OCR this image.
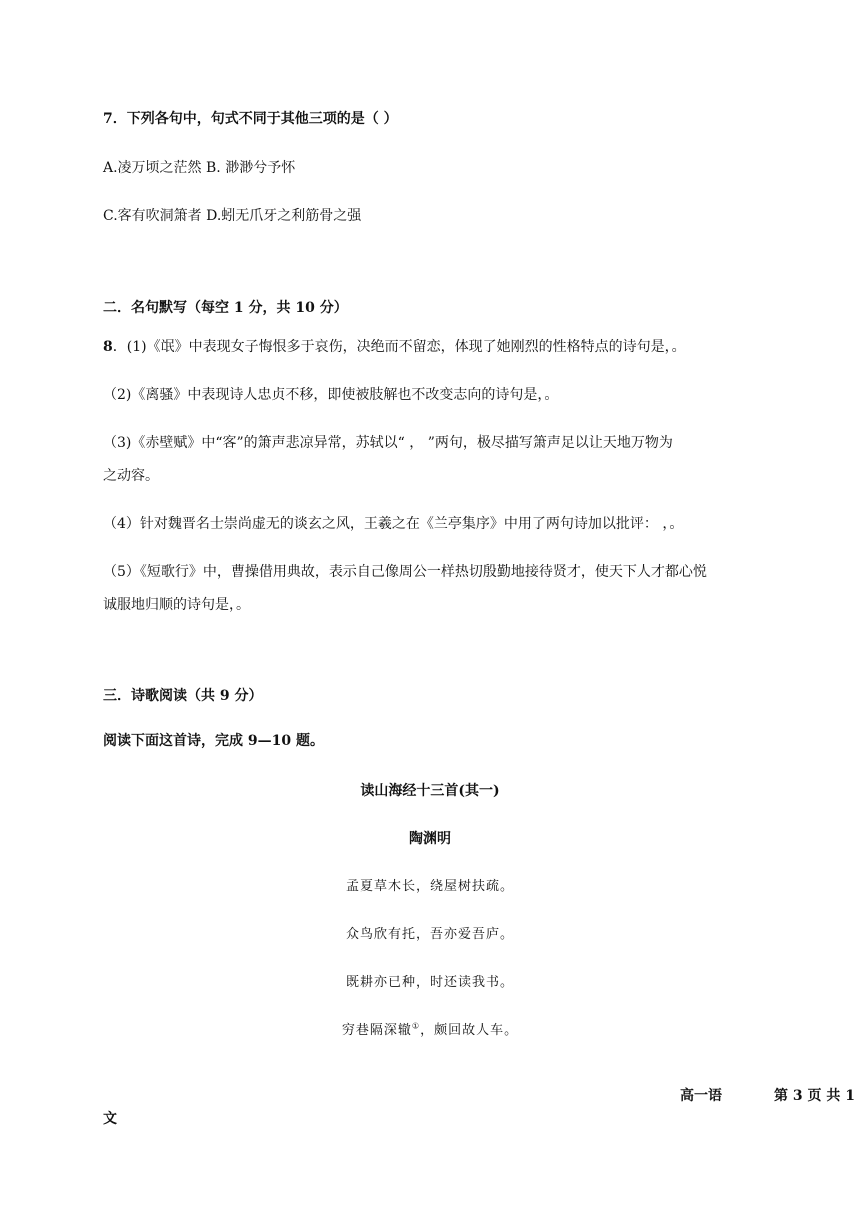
7．下列各句中，句式不同于其他三项的是（ ）
A.凌万顷之茫然 B. 渺渺兮予怀
C.客有吹洞箫者 D.蚓无爪牙之利筋骨之强
二．名句默写（每空 1 分，共 10 分）
8．(1)《氓》中表现女子悔恨多于哀伤，决绝而不留恋，体现了她刚烈的性格特点的诗句是，。
（2)《离骚》中表现诗人忠贞不移，即使被肢解也不改变志向的诗句是，。
（3)《赤壁赋》中“客”的箫声悲凉异常，苏轼以“ ， ”两句，极尽描写箫声足以让天地万物为
之动容。
（4）针对魏晋名士崇尚虚无的谈玄之风，王羲之在《兰亭集序》中用了两句诗加以批评： ，。
（5）《短歌行》中，曹操借用典故，表示自己像周公一样热切殷勤地接待贤才，使天下人才都心悦
诚服地归顺的诗句是，。
三．诗歌阅读（共 9 分）
阅读下面这首诗，完成 9—10 题。
读山海经十三首(其一)
陶渊明
孟夏草木长，绕屋树扶疏。
众鸟欣有托，吾亦爱吾庐。
既耕亦已种，时还读我书。
穷巷隔深辙①，颇回故人车。
高一语	第 3 页 共 1
文
